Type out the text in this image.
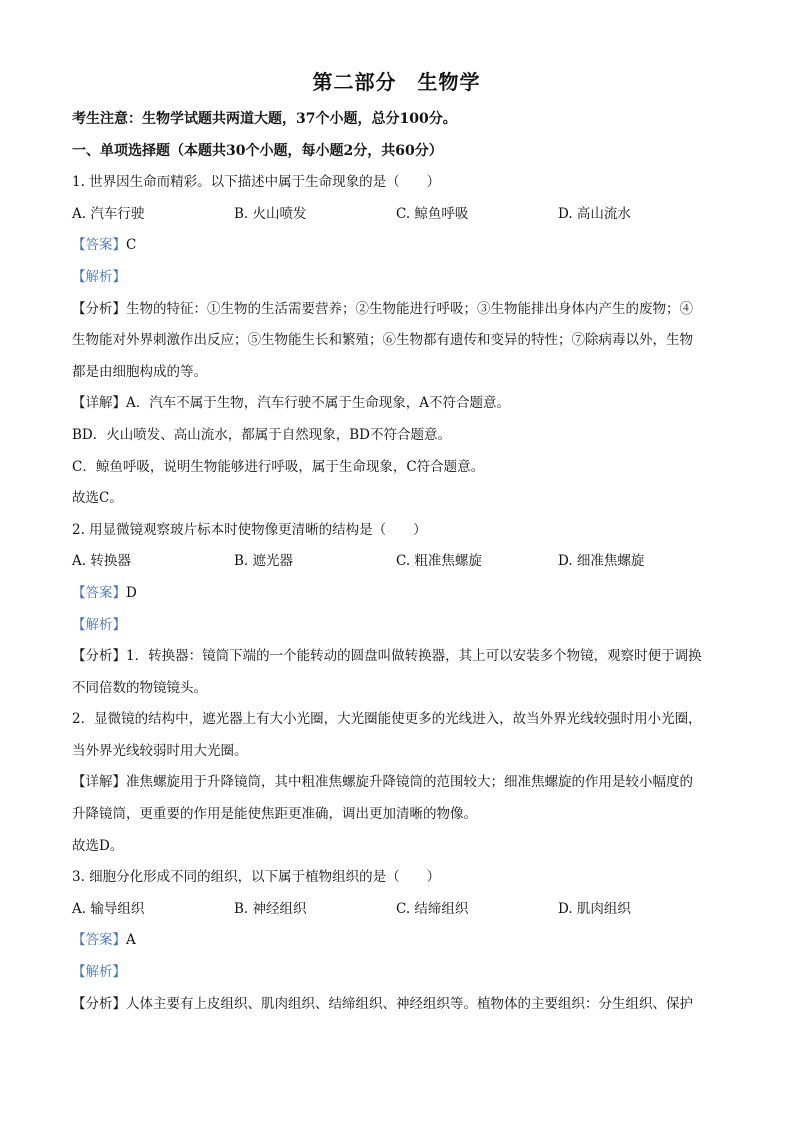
第二部分　生物学
考生注意：生物学试题共两道大题，37个小题，总分100分。
一、单项选择题（本题共30个小题，每小题2分，共60分）
1. 世界因生命而精彩。以下描述中属于生命现象的是（　　）
A. 汽车行驶	B. 火山喷发	C. 鲸鱼呼吸	D. 高山流水
【答案】C
【解析】
【分析】生物的特征：①生物的生活需要营养；②生物能进行呼吸；③生物能排出身体内产生的废物；④
生物能对外界刺激作出反应；⑤生物能生长和繁殖；⑥生物都有遗传和变异的特性；⑦除病毒以外，生物
都是由细胞构成的等。
【详解】A．汽车不属于生物，汽车行驶不属于生命现象，A不符合题意。
BD．火山喷发、高山流水，都属于自然现象，BD不符合题意。
C．鲸鱼呼吸，说明生物能够进行呼吸，属于生命现象，C符合题意。
故选C。
2. 用显微镜观察玻片标本时使物像更清晰的结构是（　　）
A. 转换器	B. 遮光器	C. 粗准焦螺旋	D. 细准焦螺旋
【答案】D
【解析】
【分析】1．转换器：镜筒下端的一个能转动的圆盘叫做转换器，其上可以安装多个物镜，观察时便于调换
不同倍数的物镜镜头。
2．显微镜的结构中，遮光器上有大小光圈，大光圈能使更多的光线进入，故当外界光线较强时用小光圈，
当外界光线较弱时用大光圈。
【详解】准焦螺旋用于升降镜筒，其中粗准焦螺旋升降镜筒的范围较大；细准焦螺旋的作用是较小幅度的
升降镜筒，更重要的作用是能使焦距更准确，调出更加清晰的物像。
故选D。
3. 细胞分化形成不同的组织，以下属于植物组织的是（　　）
A. 输导组织	B. 神经组织	C. 结缔组织	D. 肌肉组织
【答案】A
【解析】
【分析】人体主要有上皮组织、肌肉组织、结缔组织、神经组织等。植物体的主要组织：分生组织、保护
